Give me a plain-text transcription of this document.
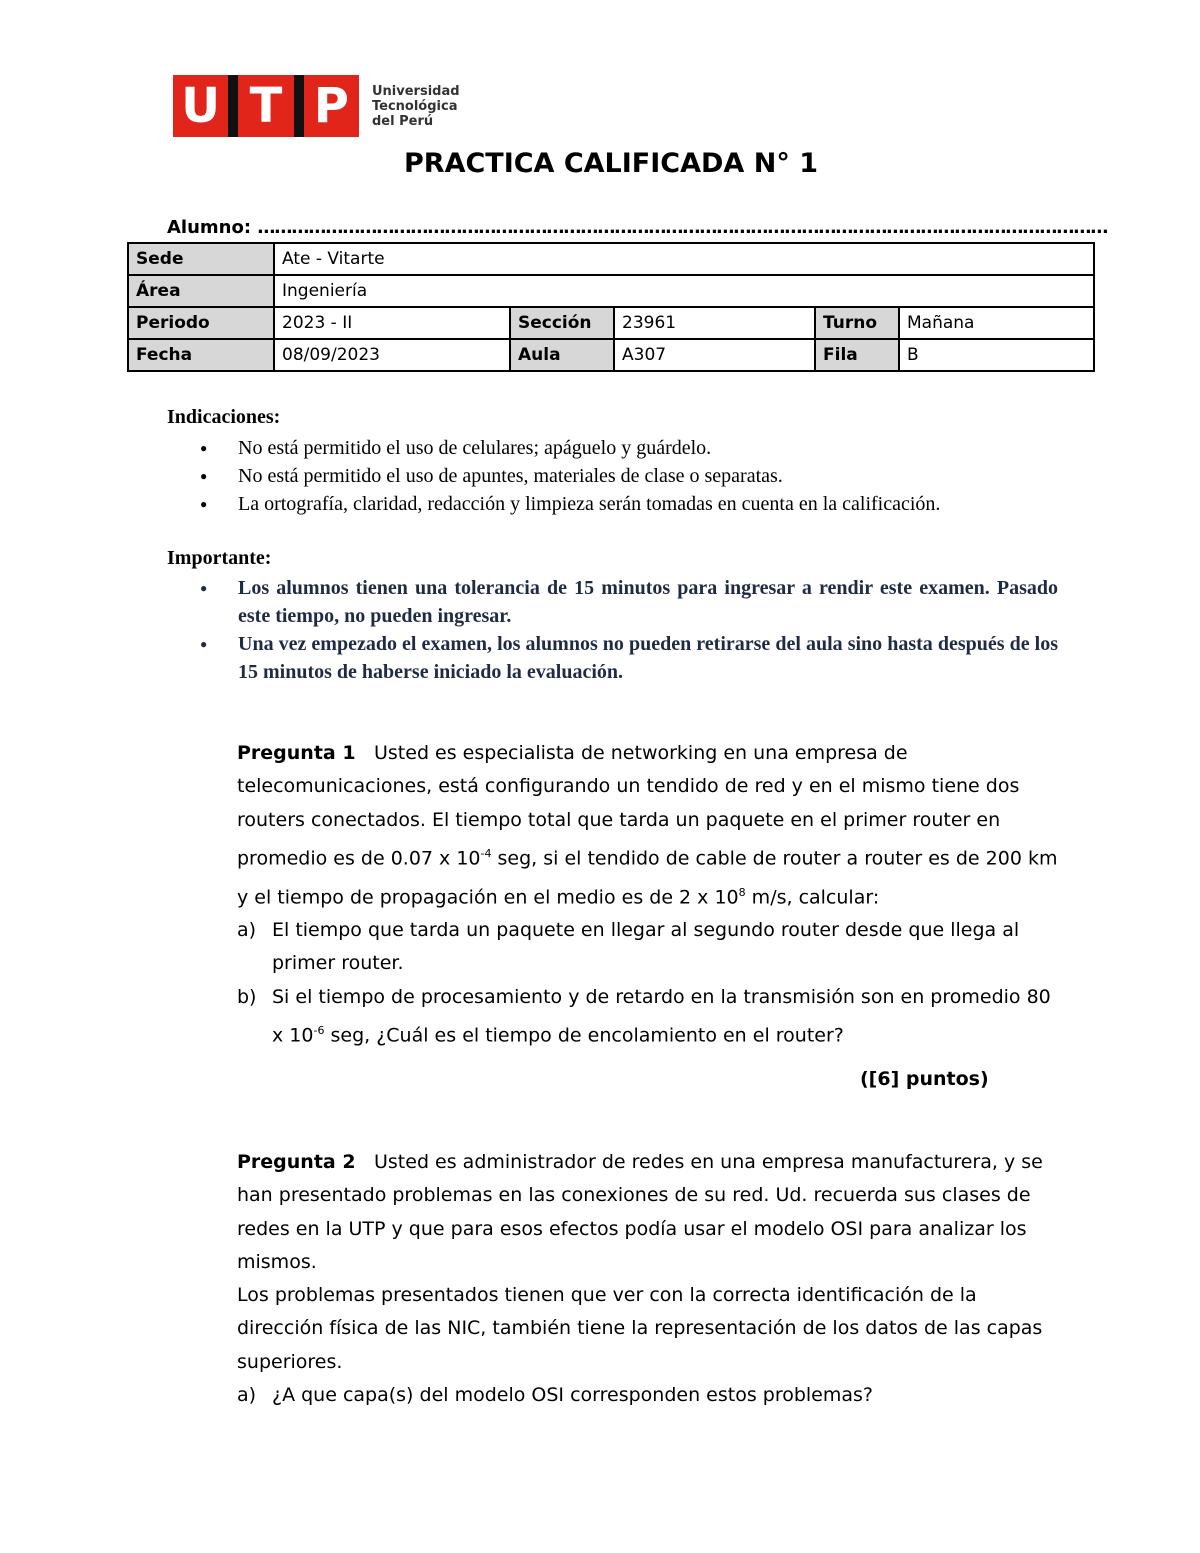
U T P	Universidad
Tecnológica
del Perú
PRACTICA CALIFICADA N° 1
Alumno: ……………………………………………………………………………………………………………………………………
Sede	Ate - Vitarte				
Área	Ingeniería				
Periodo	2023 - II	Sección	23961	Turno	Mañana
Fecha	08/09/2023	Aula	A307	Fila	B
Indicaciones:
● No está permitido el uso de celulares; apáguelo y guárdelo.
● No está permitido el uso de apuntes, materiales de clase o separatas.
● La ortografía, claridad, redacción y limpieza serán tomadas en cuenta en la calificación.
Importante:
● Los alumnos tienen una tolerancia de 15 minutos para ingresar a rendir este examen. Pasado este tiempo, no pueden ingresar.
● Una vez empezado el examen, los alumnos no pueden retirarse del aula sino hasta después de los 15 minutos de haberse iniciado la evaluación.
Pregunta 1 Usted es especialista de networking en una empresa de telecomunicaciones, está configurando un tendido de red y en el mismo tiene dos routers conectados. El tiempo total que tarda un paquete en el primer router en promedio es de 0.07 x $10^{-4}$ seg, si el tendido de cable de router a router es de 200 km y el tiempo de propagación en el medio es de 2 x $10^8$ m/s, calcular:
a) El tiempo que tarda un paquete en llegar al segundo router desde que llega al primer router.
b) Si el tiempo de procesamiento y de retardo en la transmisión son en promedio 80 x $10^{-6}$ seg, ¿Cuál es el tiempo de encolamiento en el router?
([6] puntos)
Pregunta 2 Usted es administrador de redes en una empresa manufacturera, y se han presentado problemas en las conexiones de su red. Ud. recuerda sus clases de redes en la UTP y que para esos efectos podía usar el modelo OSI para analizar los mismos.
Los problemas presentados tienen que ver con la correcta identificación de la dirección física de las NIC, también tiene la representación de los datos de las capas superiores.
a) ¿A que capa(s) del modelo OSI corresponden estos problemas?
